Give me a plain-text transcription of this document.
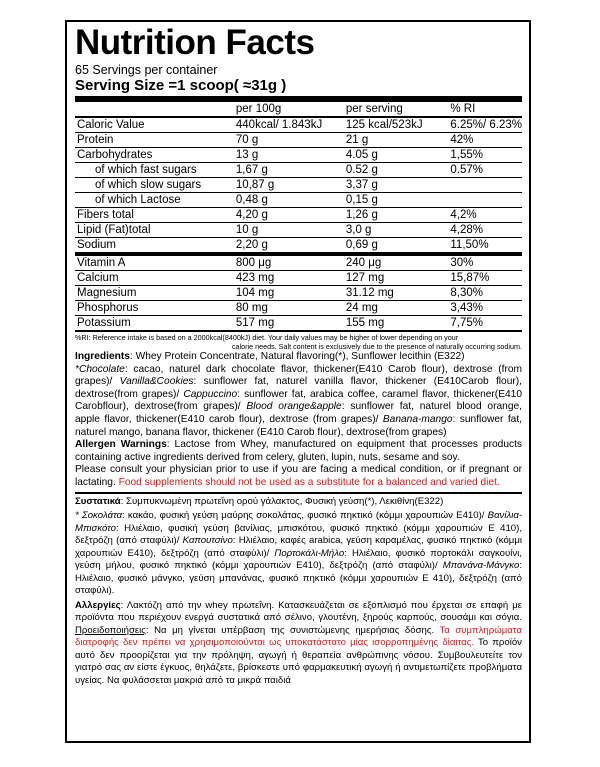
Nutrition Facts
65 Servings per container
Serving Size =1 scoop( ≈31g )
	per 100g	per serving	% RI
Caloric Value	440kcal/ 1.843kJ	125 kcal/523kJ	6.25%/ 6.23%
Protein	70 g	21 g	42%
Carbohydrates	13 g	4.05 g	1,55%
of which fast sugars	1,67 g	0.52 g	0.57%
of which slow sugars	10,87 g	3,37 g	
of which Lactose	0,48 g	0,15 g	
Fibers total	4,20 g	1,26 g	4,2%
Lipid (Fat)total	10 g	3,0 g	4,28%
Sodium	2,20 g	0,69 g	11,50%
Vitamin A	800 μg	240 μg	30%
Calcium	423 mg	127 mg	15,87%
Magnesium	104 mg	31.12 mg	8,30%
Phosphorus	80 mg	24 mg	3,43%
Potassium	517 mg	155 mg	7,75%
%RI: Reference intake is based on a 2000kcal(8400kJ) diet. Your daily values may be higher of lower depending on your
calorie needs. Salt content is exclusively due to the presence of naturally occurring sodium.

Ingredients: Whey Protein Concentrate, Natural flavoring(*), Sunflower lecithin (E322)

*Chocolate: cacao, naturel dark chocolate flavor, thickener(E410 Carob flour), dextrose (from grapes)/ Vanilla&Cookies: sunflower fat, naturel vanilla flavor, thickener (E410Carob flour), dextrose(from grapes)/ Cappuccino: sunflower fat, arabica coffee, caramel flavor, thickener(E410 Carobflour), dextrose(from grapes)/ Blood orange&apple: sunflower fat, naturel blood orange, apple flavor, thickener(E410 carob flour), dextrose (from grapes)/ Banana-mango: sunflower fat, naturel mango, banana flavor, thickener (E410 Carob flour), dextrose(from grapes)

Allergen Warnings: Lactose from Whey, manufactured on equipment that processes products containing active ingredients derived from celery, gluten, lupin, nuts, sesame and soy.

Please consult your physician prior to use if you are facing a medical condition, or if pregnant or lactating. Food supplements should not be used as a substitute for a balanced and varied diet.

Συστατικά: Συμπυκνωμένη πρωτεΐνη ορού γάλακτος, Φυσική γεύση(*), Λεκιθίνη(E322)

* Σοκολάτα: κακάο, φυσική γεύση μαύρης σοκολάτας, φυσικό πηκτικό (κόμμι χαρουπιών E410)/ Βανίλια-Μπισκότο: Ηλιέλαιο, φυσική γεύση βανίλιας, μπισκότου, φυσικό πηκτικό (κόμμι χαρουπιών E 410), δεξτρόζη (από σταφύλι)/ Καπουτσίνο: Ηλιέλαιο, καφές arabica, γεύση καραμέλας, φυσικό πηκτικό (κόμμι χαρουπιών E410), δεξτρόζη (από σταφύλι)/ Πορτοκάλι-Μήλο: Ηλιέλαιο, φυσικό πορτοκάλι σαγκουίνι, γεύση μήλου, φυσικό πηκτικό (κόμμι χαρουπιών E410), δεξτρόζη (από σταφύλι)/ Μπανάνα-Μάνγκο: Ηλιέλαιο, φυσικό μάνγκο, γεύση μπανάνας, φυσικό πηκτικό (κόμμι χαρουπιών E 410), δεξτρόζη (από σταφύλι).

Αλλεργίες: Λακτόζη από την whey πρωτεΐνη. Κατασκευάζεται σε εξοπλισμό που έρχεται σε επαφή με προϊόντα που περιέχουν ενεργά συστατικά από σέλινο, γλουτένη, ξηρούς καρπούς, σουσάμι και σόγια. Προειδοποιήσεις: Να μη γίνεται υπέρβαση της συνιστώμενης ημερήσιας δόσης. Τα συμπληρώματα διατροφής δεν πρέπει να χρησιμοποιούνται ως υποκατάστατο μίας ισορροπημένης δίαιτας. Το προϊόν αυτό δεν προορίζεται για την πρόληψη, αγωγή ή θεραπεία ανθρώπινης νόσου. Συμβουλευτείτε τον γιατρό σας αν είστε έγκυος, θηλάζετε, βρίσκεστε υπό φαρμακευτική αγωγή ή αντιμετωπίζετε προβλήματα υγείας. Να φυλάσσεται μακριά από τα μικρά παιδιά
